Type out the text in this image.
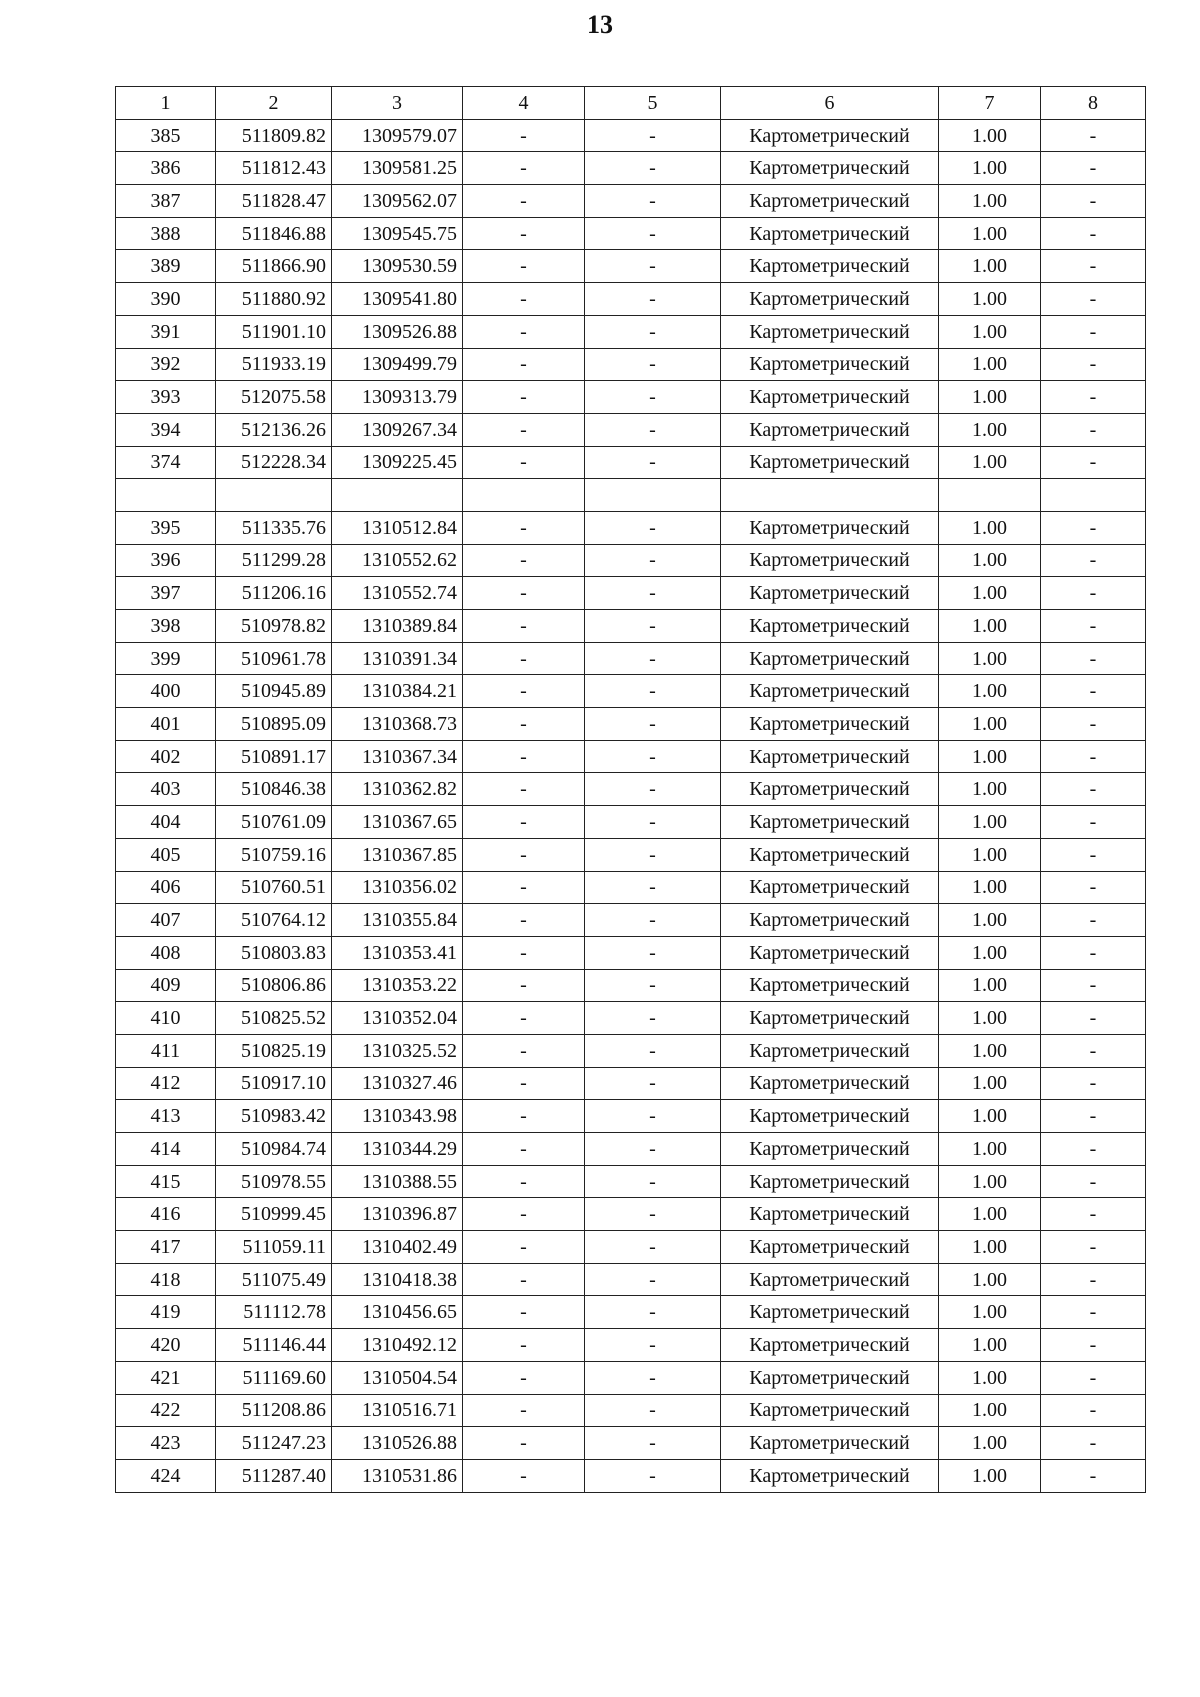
13
1	2	3	4	5	6	7	8
385	511809.82	1309579.07	-	-	Картометрический	1.00	-
386	511812.43	1309581.25	-	-	Картометрический	1.00	-
387	511828.47	1309562.07	-	-	Картометрический	1.00	-
388	511846.88	1309545.75	-	-	Картометрический	1.00	-
389	511866.90	1309530.59	-	-	Картометрический	1.00	-
390	511880.92	1309541.80	-	-	Картометрический	1.00	-
391	511901.10	1309526.88	-	-	Картометрический	1.00	-
392	511933.19	1309499.79	-	-	Картометрический	1.00	-
393	512075.58	1309313.79	-	-	Картометрический	1.00	-
394	512136.26	1309267.34	-	-	Картометрический	1.00	-
374	512228.34	1309225.45	-	-	Картометрический	1.00	-

395	511335.76	1310512.84	-	-	Картометрический	1.00	-
396	511299.28	1310552.62	-	-	Картометрический	1.00	-
397	511206.16	1310552.74	-	-	Картометрический	1.00	-
398	510978.82	1310389.84	-	-	Картометрический	1.00	-
399	510961.78	1310391.34	-	-	Картометрический	1.00	-
400	510945.89	1310384.21	-	-	Картометрический	1.00	-
401	510895.09	1310368.73	-	-	Картометрический	1.00	-
402	510891.17	1310367.34	-	-	Картометрический	1.00	-
403	510846.38	1310362.82	-	-	Картометрический	1.00	-
404	510761.09	1310367.65	-	-	Картометрический	1.00	-
405	510759.16	1310367.85	-	-	Картометрический	1.00	-
406	510760.51	1310356.02	-	-	Картометрический	1.00	-
407	510764.12	1310355.84	-	-	Картометрический	1.00	-
408	510803.83	1310353.41	-	-	Картометрический	1.00	-
409	510806.86	1310353.22	-	-	Картометрический	1.00	-
410	510825.52	1310352.04	-	-	Картометрический	1.00	-
411	510825.19	1310325.52	-	-	Картометрический	1.00	-
412	510917.10	1310327.46	-	-	Картометрический	1.00	-
413	510983.42	1310343.98	-	-	Картометрический	1.00	-
414	510984.74	1310344.29	-	-	Картометрический	1.00	-
415	510978.55	1310388.55	-	-	Картометрический	1.00	-
416	510999.45	1310396.87	-	-	Картометрический	1.00	-
417	511059.11	1310402.49	-	-	Картометрический	1.00	-
418	511075.49	1310418.38	-	-	Картометрический	1.00	-
419	511112.78	1310456.65	-	-	Картометрический	1.00	-
420	511146.44	1310492.12	-	-	Картометрический	1.00	-
421	511169.60	1310504.54	-	-	Картометрический	1.00	-
422	511208.86	1310516.71	-	-	Картометрический	1.00	-
423	511247.23	1310526.88	-	-	Картометрический	1.00	-
424	511287.40	1310531.86	-	-	Картометрический	1.00	-
